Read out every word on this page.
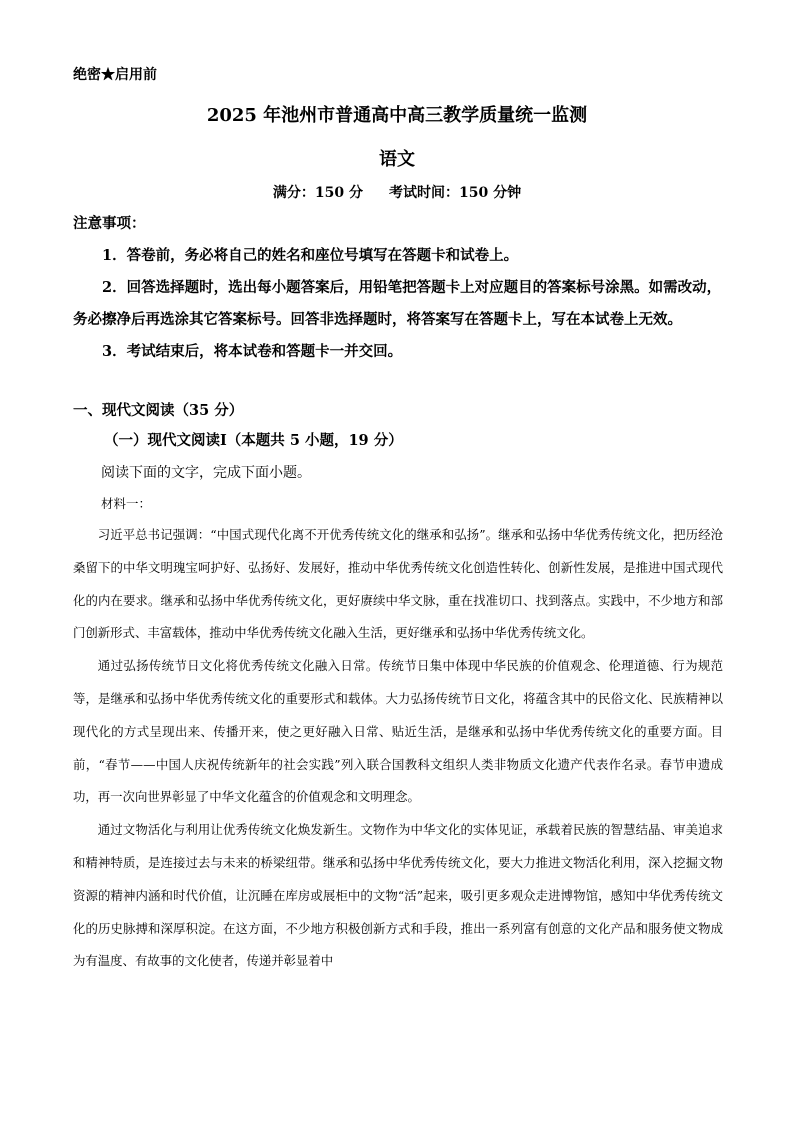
绝密★启用前
2025 年池州市普通高中高三教学质量统一监测
语文
满分：150 分 考试时间：150 分钟
注意事项：

1．答卷前，务必将自己的姓名和座位号填写在答题卡和试卷上。

2．回答选择题时，选出每小题答案后，用铅笔把答题卡上对应题目的答案标号涂黑。如需改动，务必擦净后再选涂其它答案标号。回答非选择题时，将答案写在答题卡上，写在本试卷上无效。

3．考试结束后，将本试卷和答题卡一并交回。

一、现代文阅读（35 分）
（一）现代文阅读Ⅰ（本题共 5 小题，19 分）
阅读下面的文字，完成下面小题。
材料一：

习近平总书记强调：“中国式现代化离不开优秀传统文化的继承和弘扬”。继承和弘扬中华优秀传统文化，把历经沧桑留下的中华文明瑰宝呵护好、弘扬好、发展好，推动中华优秀传统文化创造性转化、创新性发展，是推进中国式现代化的内在要求。继承和弘扬中华优秀传统文化，更好赓续中华文脉，重在找准切口、找到落点。实践中，不少地方和部门创新形式、丰富载体，推动中华优秀传统文化融入生活，更好继承和弘扬中华优秀传统文化。

通过弘扬传统节日文化将优秀传统文化融入日常。传统节日集中体现中华民族的价值观念、伦理道德、行为规范等，是继承和弘扬中华优秀传统文化的重要形式和载体。大力弘扬传统节日文化，将蕴含其中的民俗文化、民族精神以现代化的方式呈现出来、传播开来，使之更好融入日常、贴近生活，是继承和弘扬中华优秀传统文化的重要方面。目前，“春节——中国人庆祝传统新年的社会实践”列入联合国教科文组织人类非物质文化遗产代表作名录。春节申遗成功，再一次向世界彰显了中华文化蕴含的价值观念和文明理念。

通过文物活化与利用让优秀传统文化焕发新生。文物作为中华文化的实体见证，承载着民族的智慧结晶、审美追求和精神特质，是连接过去与未来的桥梁纽带。继承和弘扬中华优秀传统文化，要大力推进文物活化利用，深入挖掘文物资源的精神内涵和时代价值，让沉睡在库房或展柜中的文物“活”起来，吸引更多观众走进博物馆，感知中华优秀传统文化的历史脉搏和深厚积淀。在这方面，不少地方积极创新方式和手段，推出一系列富有创意的文化产品和服务使文物成为有温度、有故事的文化使者，传递并彰显着中
